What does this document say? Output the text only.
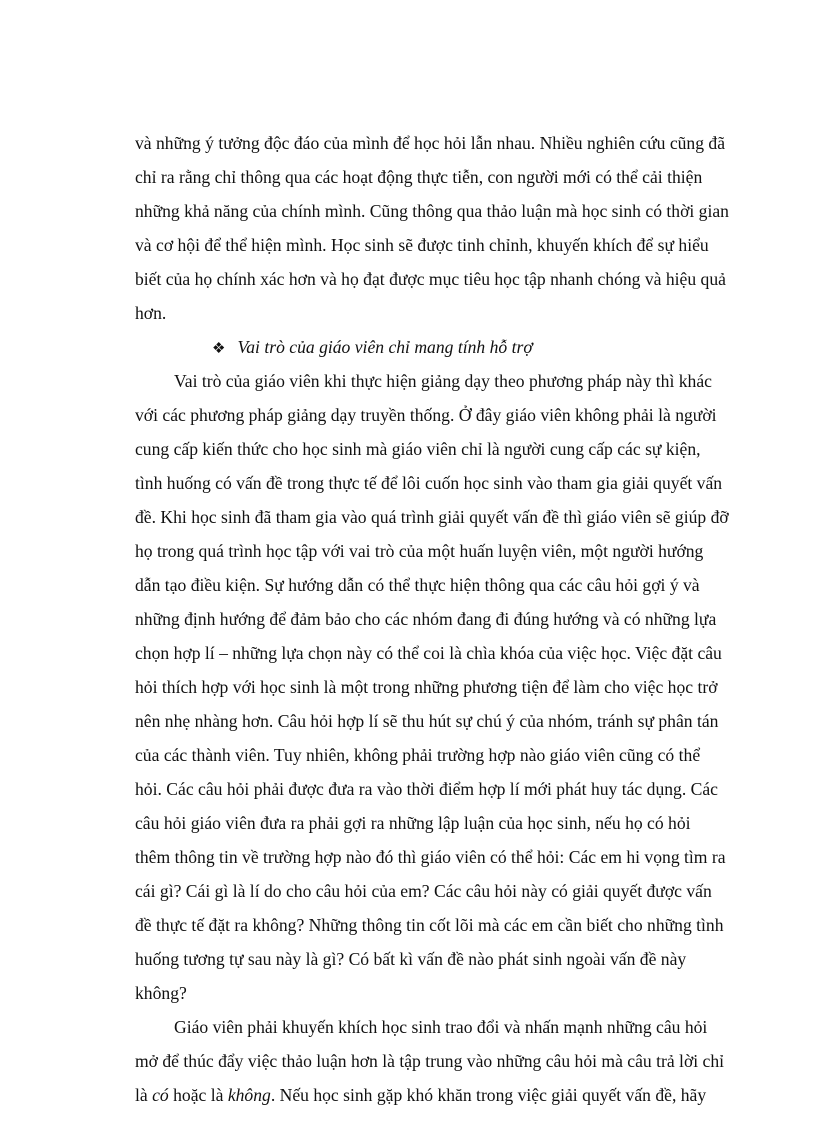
và những ý tưởng độc đáo của mình để học hỏi lẫn nhau. Nhiều nghiên cứu cũng đã
chỉ ra rằng chỉ thông qua các hoạt động thực tiễn, con người mới có thể cải thiện
những khả năng của chính mình. Cũng thông qua thảo luận mà học sinh có thời gian
và cơ hội để thể hiện mình. Học sinh sẽ được tinh chỉnh, khuyến khích để sự hiểu
biết của họ chính xác hơn và họ đạt được mục tiêu học tập nhanh chóng và hiệu quả
hơn.
❖ Vai trò của giáo viên chỉ mang tính hỗ trợ
Vai trò của giáo viên khi thực hiện giảng dạy theo phương pháp này thì khác
với các phương pháp giảng dạy truyền thống. Ở đây giáo viên không phải là người
cung cấp kiến thức cho học sinh mà giáo viên chỉ là người cung cấp các sự kiện,
tình huống có vấn đề trong thực tế để lôi cuốn học sinh vào tham gia giải quyết vấn
đề. Khi học sinh đã tham gia vào quá trình giải quyết vấn đề thì giáo viên sẽ giúp đỡ
họ trong quá trình học tập với vai trò của một huấn luyện viên, một người hướng
dẫn tạo điều kiện. Sự hướng dẫn có thể thực hiện thông qua các câu hỏi gợi ý và
những định hướng để đảm bảo cho các nhóm đang đi đúng hướng và có những lựa
chọn hợp lí – những lựa chọn này có thể coi là chìa khóa của việc học. Việc đặt câu
hỏi thích hợp với học sinh là một trong những phương tiện để làm cho việc học trở
nên nhẹ nhàng hơn. Câu hỏi hợp lí sẽ thu hút sự chú ý của nhóm, tránh sự phân tán
của các thành viên. Tuy nhiên, không phải trường hợp nào giáo viên cũng có thể
hỏi. Các câu hỏi phải được đưa ra vào thời điểm hợp lí mới phát huy tác dụng. Các
câu hỏi giáo viên đưa ra phải gợi ra những lập luận của học sinh, nếu họ có hỏi
thêm thông tin về trường hợp nào đó thì giáo viên có thể hỏi: Các em hi vọng tìm ra
cái gì? Cái gì là lí do cho câu hỏi của em? Các câu hỏi này có giải quyết được vấn
đề thực tế đặt ra không? Những thông tin cốt lõi mà các em cần biết cho những tình
huống tương tự sau này là gì? Có bất kì vấn đề nào phát sinh ngoài vấn đề này
không?
Giáo viên phải khuyến khích học sinh trao đổi và nhấn mạnh những câu hỏi
mở để thúc đẩy việc thảo luận hơn là tập trung vào những câu hỏi mà câu trả lời chỉ
là có hoặc là không. Nếu học sinh gặp khó khăn trong việc giải quyết vấn đề, hãy
